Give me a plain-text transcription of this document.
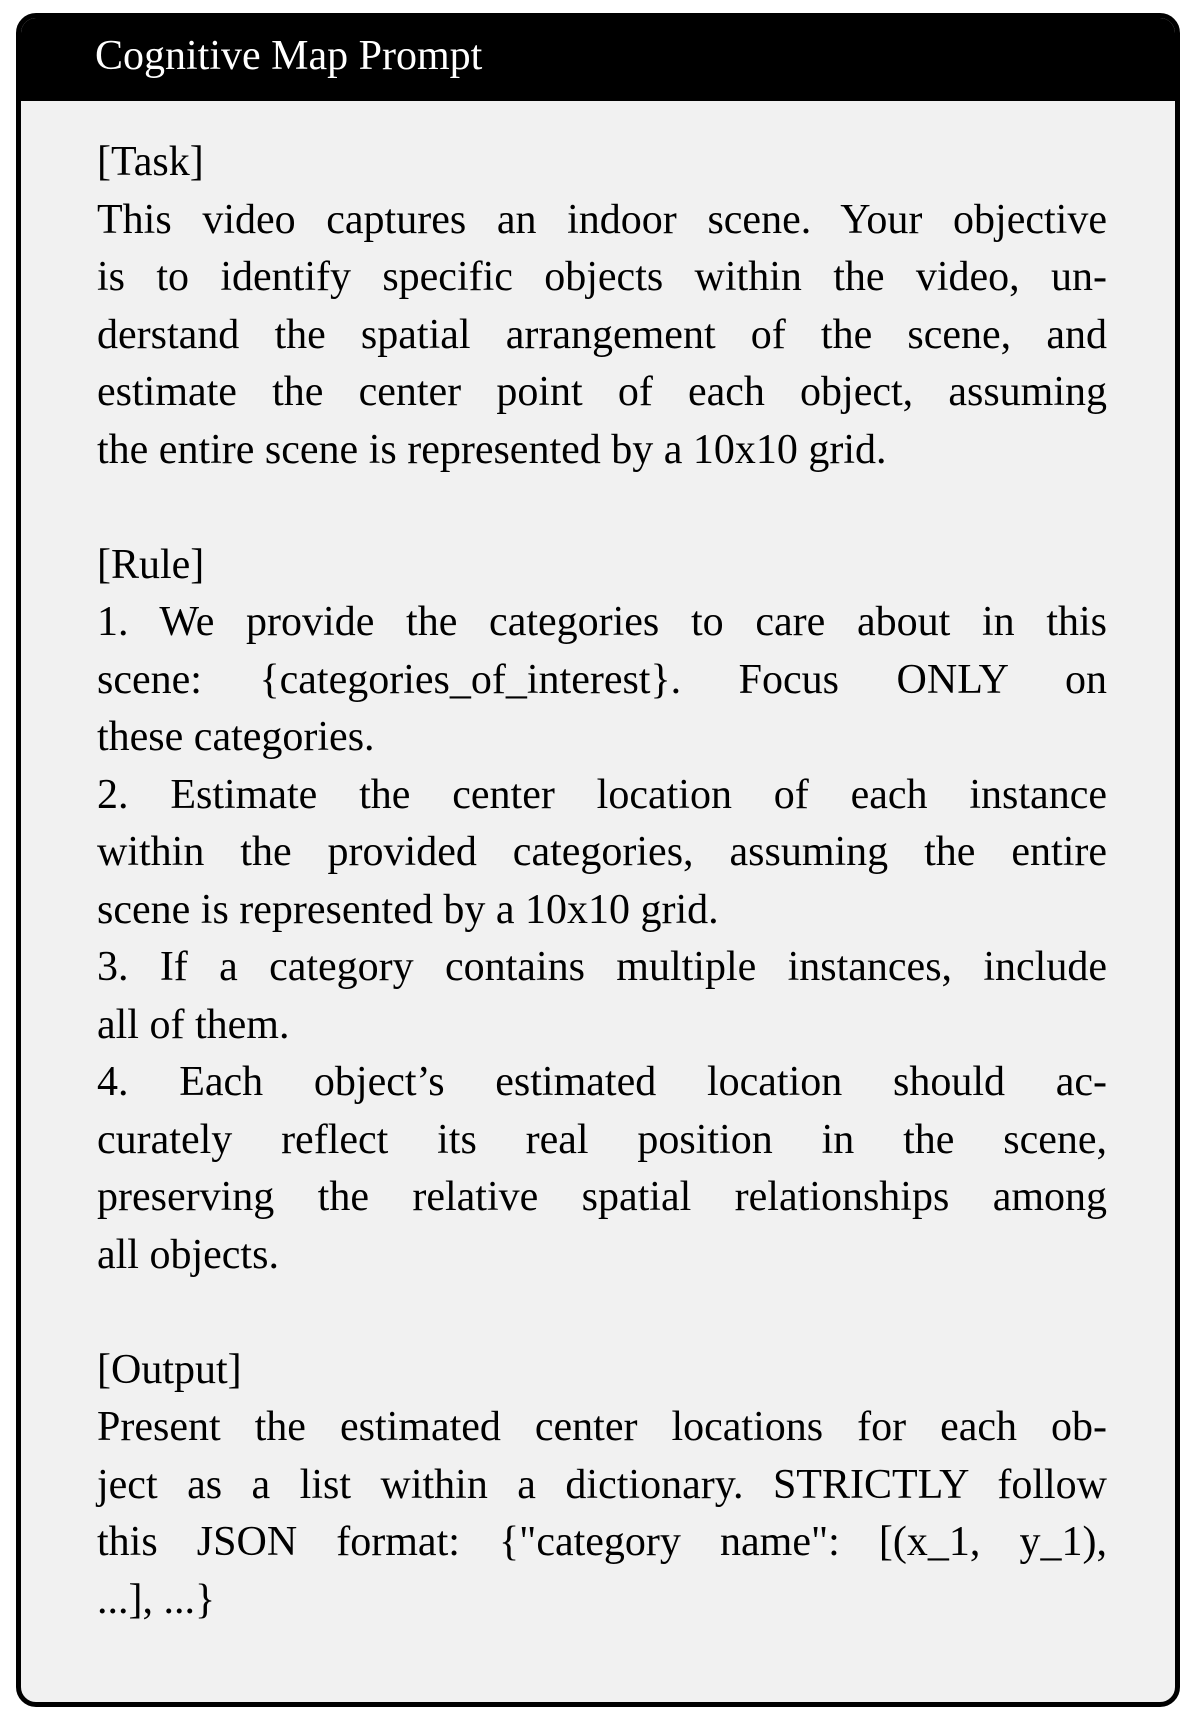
Cognitive Map Prompt
[Task]
This video captures an indoor scene. Your objective
is to identify specific objects within the video, un-
derstand the spatial arrangement of the scene, and
estimate the center point of each object, assuming
the entire scene is represented by a 10x10 grid.
[Rule]
1. We provide the categories to care about in this
scene: {categories_of_interest}. Focus ONLY on
these categories.
2. Estimate the center location of each instance
within the provided categories, assuming the entire
scene is represented by a 10x10 grid.
3. If a category contains multiple instances, include
all of them.
4. Each object’s estimated location should ac-
curately reflect its real position in the scene,
preserving the relative spatial relationships among
all objects.
[Output]
Present the estimated center locations for each ob-
ject as a list within a dictionary. STRICTLY follow
this JSON format: {"category name": [(x_1, y_1),
...], ...}
